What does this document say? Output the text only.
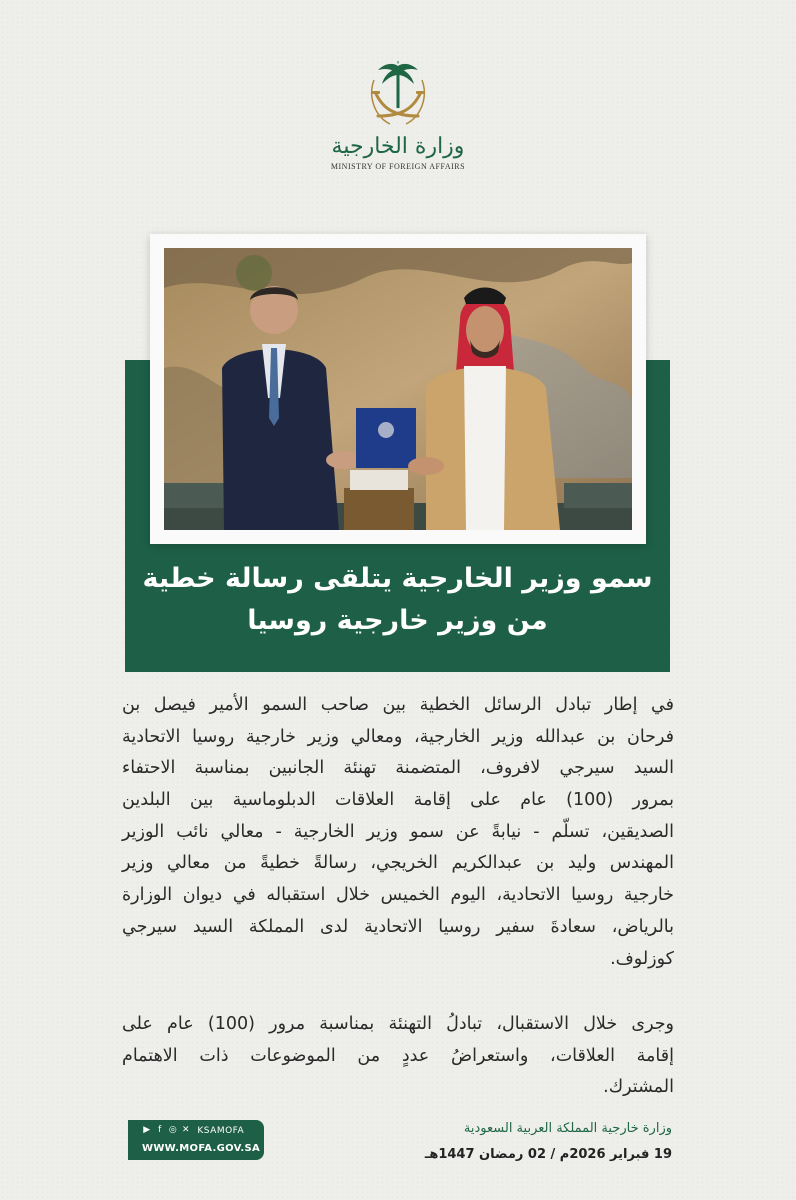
وزارة الخارجية
MINISTRY OF FOREIGN AFFAIRS
سمو وزير الخارجية يتلقى رسالة خطية
من وزير خارجية روسيا
في إطار تبادل الرسائل الخطية بين صاحب السمو الأمير فيصل بن
فرحان بن عبدالله وزير الخارجية، ومعالي وزير خارجية روسيا الاتحادية
السيد سيرجي لافروف، المتضمنة تهنئة الجانبين بمناسبة الاحتفاء
بمرور (100) عام على إقامة العلاقات الدبلوماسية بين البلدين
الصديقين، تسلّم - نيابةً عن سمو وزير الخارجية - معالي نائب الوزير
المهندس وليد بن عبدالكريم الخريجي، رسالةً خطيةً من معالي وزير
خارجية روسيا الاتحادية، اليوم الخميس خلال استقباله في ديوان الوزارة
بالرياض، سعادةَ سفير روسيا الاتحادية لدى المملكة السيد سيرجي
كوزلوف.
وجرى خلال الاستقبال، تبادلُ التهنئة بمناسبة مرور (100) عام على
إقامة العلاقات، واستعراضُ عددٍ من الموضوعات ذات الاهتمام
المشترك.
▶ f ◎ ✕ KSAMOFA
WWW.MOFA.GOV.SA
وزارة خارجية المملكة العربية السعودية
19 فبراير 2026م / 02 رمضان 1447هـ
